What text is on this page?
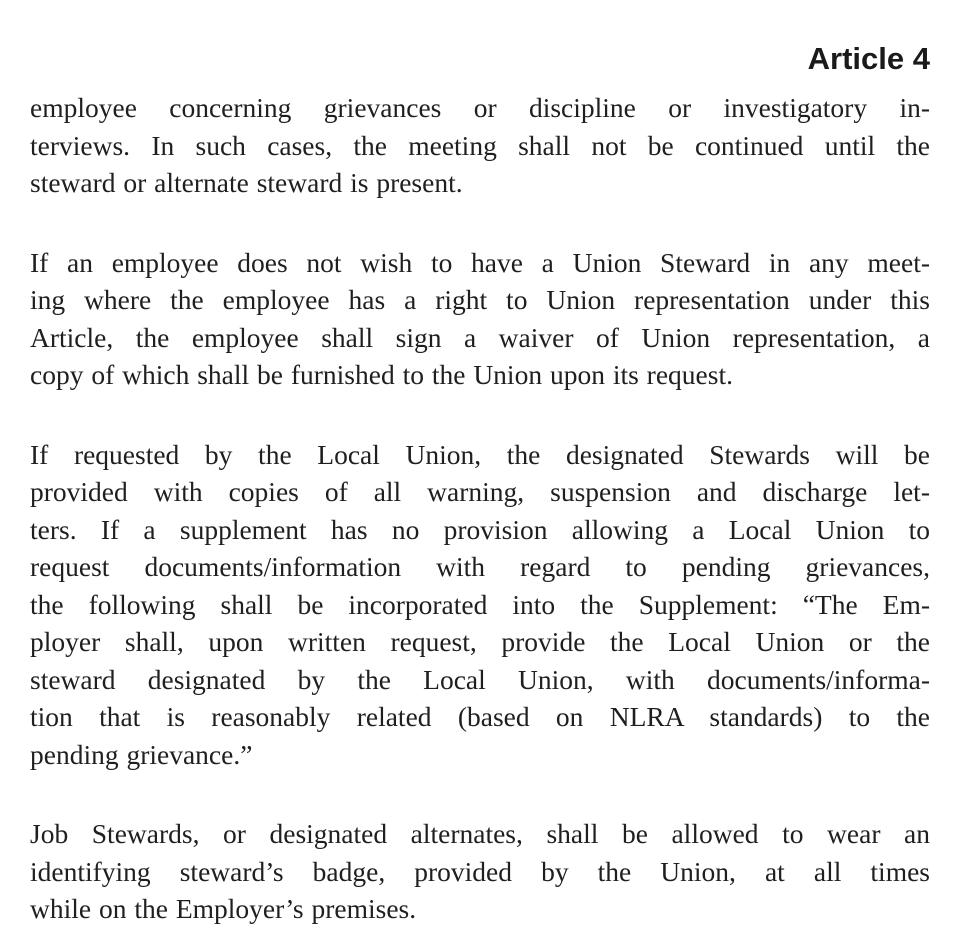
Article 4
employee concerning grievances or discipline or investigatory in-
terviews. In such cases, the meeting shall not be continued until the
steward or alternate steward is present.
If an employee does not wish to have a Union Steward in any meet-
ing where the employee has a right to Union representation under this
Article, the employee shall sign a waiver of Union representation, a
copy of which shall be furnished to the Union upon its request.
If requested by the Local Union, the designated Stewards will be
provided with copies of all warning, suspension and discharge let-
ters. If a supplement has no provision allowing a Local Union to
request documents/information with regard to pending grievances,
the following shall be incorporated into the Supplement: “The Em-
ployer shall, upon written request, provide the Local Union or the
steward designated by the Local Union, with documents/informa-
tion that is reasonably related (based on NLRA standards) to the
pending grievance.”
Job Stewards, or designated alternates, shall be allowed to wear an
identifying steward’s badge, provided by the Union, at all times
while on the Employer’s premises.
